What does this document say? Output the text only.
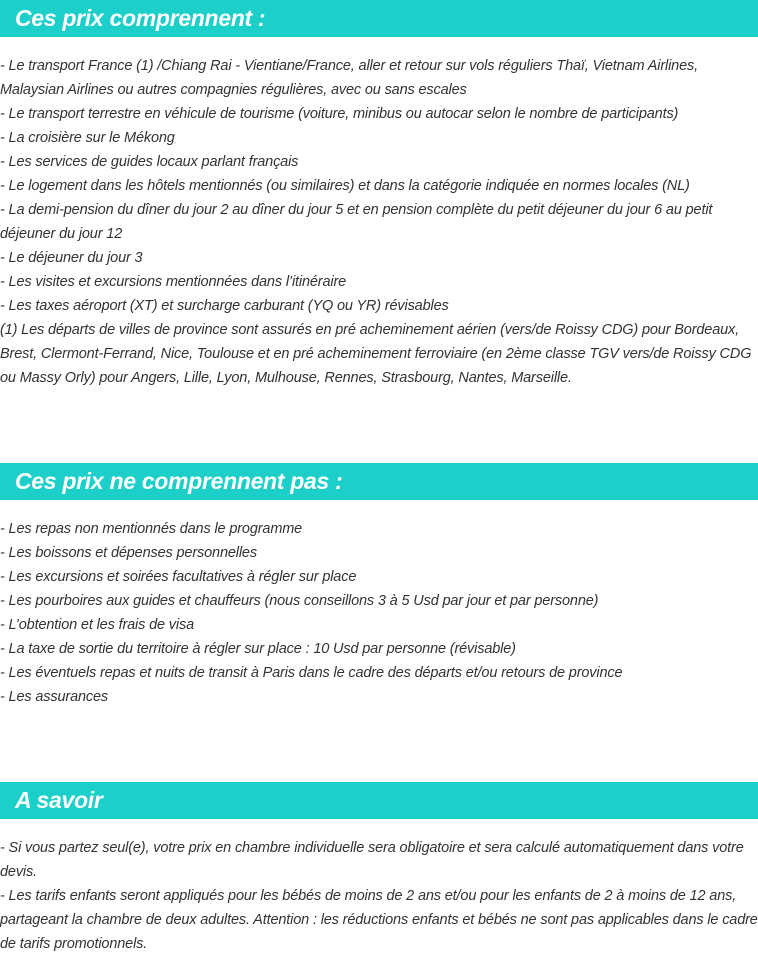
Ces prix comprennent :
- Le transport France (1) /Chiang Rai - Vientiane/France, aller et retour sur vols réguliers Thaï, Vietnam Airlines, Malaysian Airlines ou autres compagnies régulières, avec ou sans escales
- Le transport terrestre en véhicule de tourisme (voiture, minibus ou autocar selon le nombre de participants)
- La croisière sur le Mékong
- Les services de guides locaux parlant français
- Le logement dans les hôtels mentionnés (ou similaires) et dans la catégorie indiquée en normes locales (NL)
- La demi-pension du dîner du jour 2 au dîner du jour 5 et en pension complète du petit déjeuner du jour 6 au petit déjeuner du jour 12
- Le déjeuner du jour 3
- Les visites et excursions mentionnées dans l’itinéraire
- Les taxes aéroport (XT) et surcharge carburant (YQ ou YR) révisables
(1) Les départs de villes de province sont assurés en pré acheminement aérien (vers/de Roissy CDG) pour Bordeaux, Brest, Clermont-Ferrand, Nice, Toulouse et en pré acheminement ferroviaire (en 2ème classe TGV vers/de Roissy CDG ou Massy Orly) pour Angers, Lille, Lyon, Mulhouse, Rennes, Strasbourg, Nantes, Marseille.
Ces prix ne comprennent pas :
- Les repas non mentionnés dans le programme
- Les boissons et dépenses personnelles
- Les excursions et soirées facultatives à régler sur place
- Les pourboires aux guides et chauffeurs (nous conseillons 3 à 5 Usd par jour et par personne)
- L’obtention et les frais de visa
- La taxe de sortie du territoire à régler sur place : 10 Usd par personne (révisable)
- Les éventuels repas et nuits de transit à Paris dans le cadre des départs et/ou retours de province
- Les assurances
A savoir
- Si vous partez seul(e), votre prix en chambre individuelle sera obligatoire et sera calculé automatiquement dans votre devis.
- Les tarifs enfants seront appliqués pour les bébés de moins de 2 ans et/ou pour les enfants de 2 à moins de 12 ans, partageant la chambre de deux adultes. Attention : les réductions enfants et bébés ne sont pas applicables dans le cadre de tarifs promotionnels.
